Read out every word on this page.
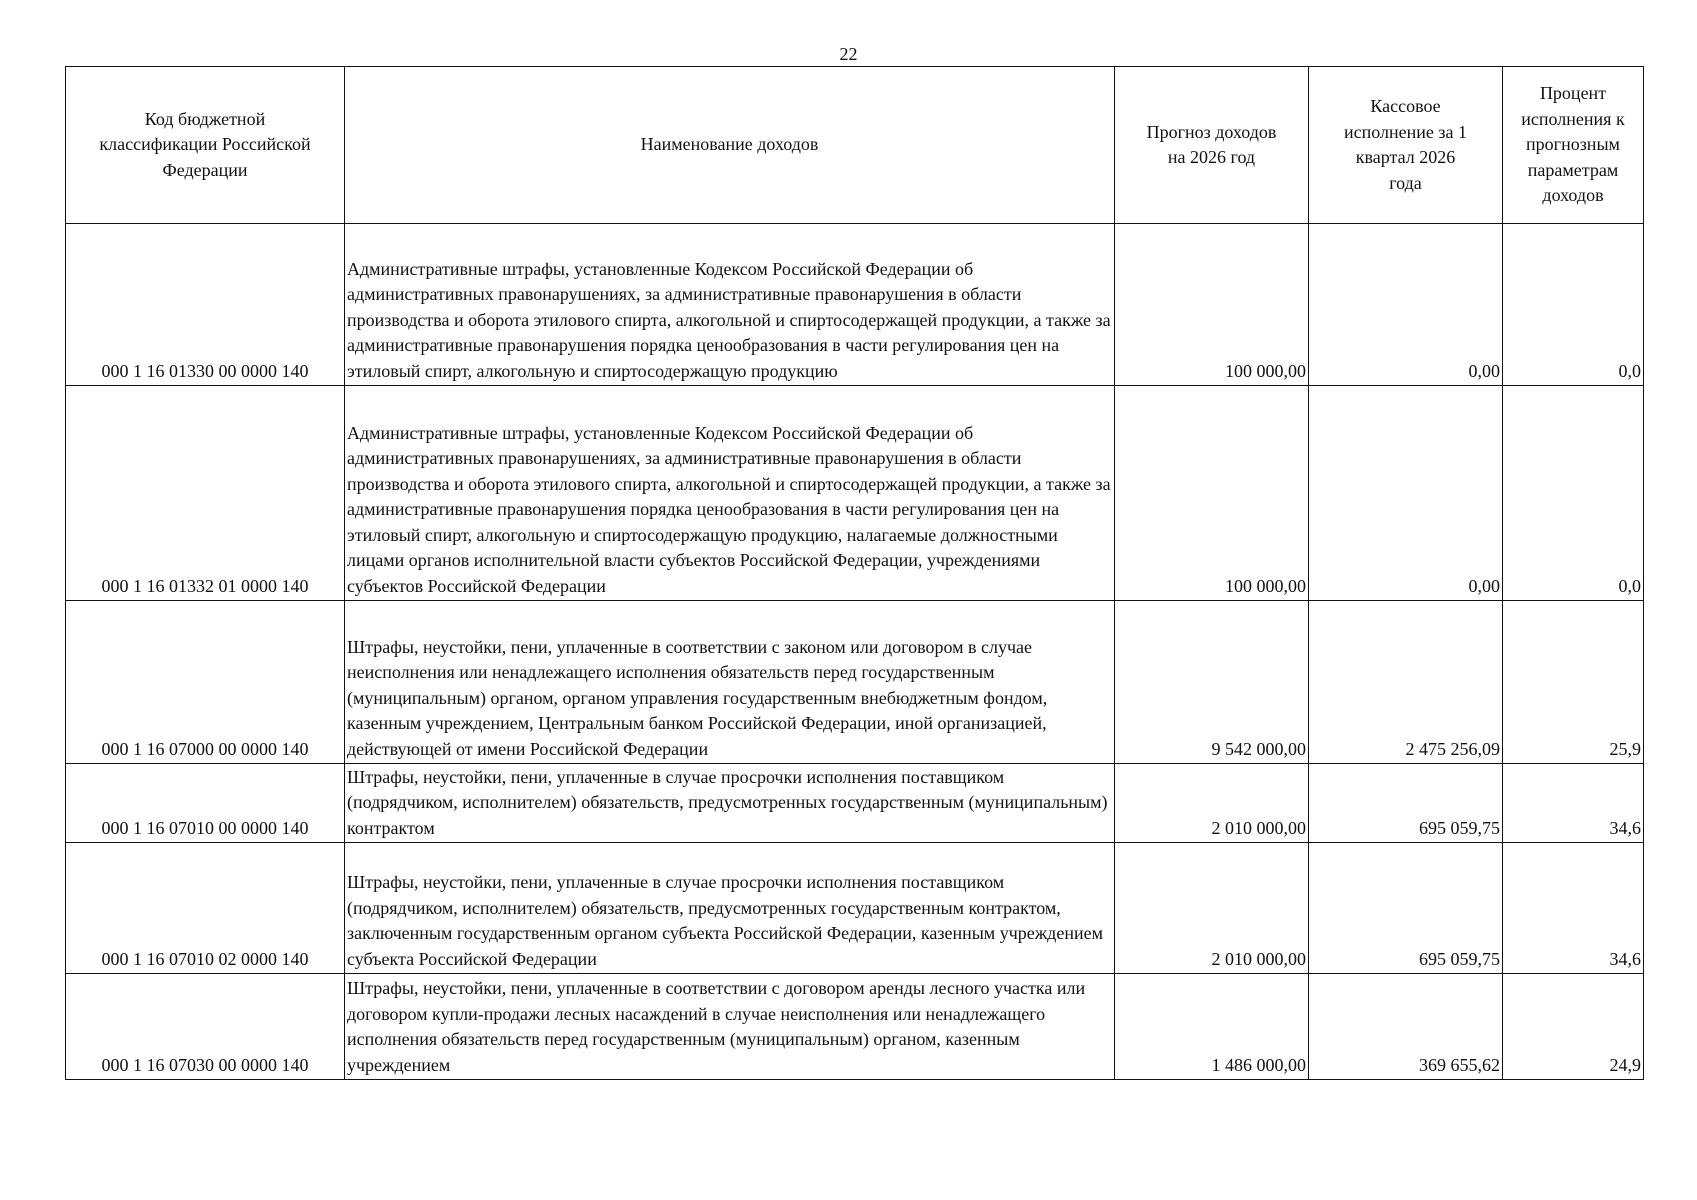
22
Код бюджетной классификации Российской Федерации	Наименование доходов	Прогноз доходов на 2026 год	Кассовое исполнение за 1 квартал 2026 года	Процент исполнения к прогнозным параметрам доходов
000 1 16 01330 00 0000 140	Административные штрафы, установленные Кодексом Российской Федерации об административных правонарушениях, за административные правонарушения в области производства и оборота этилового спирта, алкогольной и спиртосодержащей продукции, а также за административные правонарушения порядка ценообразования в части регулирования цен на этиловый спирт, алкогольную и спиртосодержащую продукцию	100 000,00	0,00	0,0
000 1 16 01332 01 0000 140	Административные штрафы, установленные Кодексом Российской Федерации об административных правонарушениях, за административные правонарушения в области производства и оборота этилового спирта, алкогольной и спиртосодержащей продукции, а также за административные правонарушения порядка ценообразования в части регулирования цен на этиловый спирт, алкогольную и спиртосодержащую продукцию, налагаемые должностными лицами органов исполнительной власти субъектов Российской Федерации, учреждениями субъектов Российской Федерации	100 000,00	0,00	0,0
000 1 16 07000 00 0000 140	Штрафы, неустойки, пени, уплаченные в соответствии с законом или договором в случае неисполнения или ненадлежащего исполнения обязательств перед государственным (муниципальным) органом, органом управления государственным внебюджетным фондом, казенным учреждением, Центральным банком Российской Федерации, иной организацией, действующей от имени Российской Федерации	9 542 000,00	2 475 256,09	25,9
000 1 16 07010 00 0000 140	Штрафы, неустойки, пени, уплаченные в случае просрочки исполнения поставщиком (подрядчиком, исполнителем) обязательств, предусмотренных государственным (муниципальным) контрактом	2 010 000,00	695 059,75	34,6
000 1 16 07010 02 0000 140	Штрафы, неустойки, пени, уплаченные в случае просрочки исполнения поставщиком (подрядчиком, исполнителем) обязательств, предусмотренных государственным контрактом, заключенным государственным органом субъекта Российской Федерации, казенным учреждением субъекта Российской Федерации	2 010 000,00	695 059,75	34,6
000 1 16 07030 00 0000 140	Штрафы, неустойки, пени, уплаченные в соответствии с договором аренды лесного участка или договором купли-продажи лесных насаждений в случае неисполнения или ненадлежащего исполнения обязательств перед государственным (муниципальным) органом, казенным учреждением	1 486 000,00	369 655,62	24,9
